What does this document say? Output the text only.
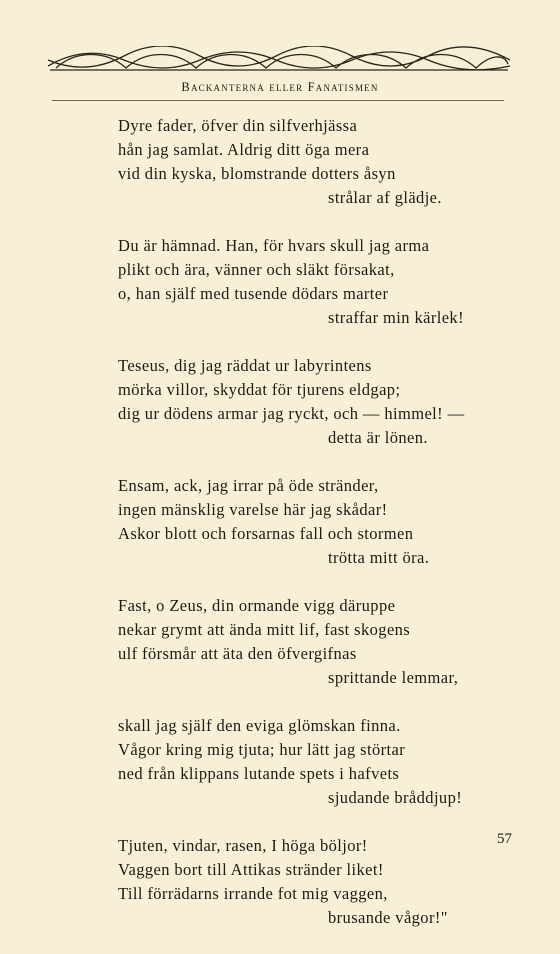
Backanterna eller Fanatismen
Dyre fader, öfver din silfverhjässa
hån jag samlat. Aldrig ditt öga mera
vid din kyska, blomstrande dotters åsyn
strålar af glädje.
Du är hämnad. Han, för hvars skull jag arma
plikt och ära, vänner och släkt försakat,
o, han själf med tusende dödars marter
straffar min kärlek!
Teseus, dig jag räddat ur labyrintens
mörka villor, skyddat för tjurens eldgap;
dig ur dödens armar jag ryckt, och — himmel! —
detta är lönen.
Ensam, ack, jag irrar på öde stränder,
ingen mänsklig varelse här jag skådar!
Askor blott och forsarnas fall och stormen
trötta mitt öra.
Fast, o Zeus, din ormande vigg däruppe
nekar grymt att ända mitt lif, fast skogens
ulf försmår att äta den öfvergifnas
sprittande lemmar,
skall jag själf den eviga glömskan finna.
Vågor kring mig tjuta; hur lätt jag störtar
ned från klippans lutande spets i hafvets
sjudande bråddjup!
Tjuten, vindar, rasen, I höga böljor!
Vaggen bort till Attikas stränder liket!
Till förrädarns irrande fot mig vaggen,
brusande vågor!"
57
